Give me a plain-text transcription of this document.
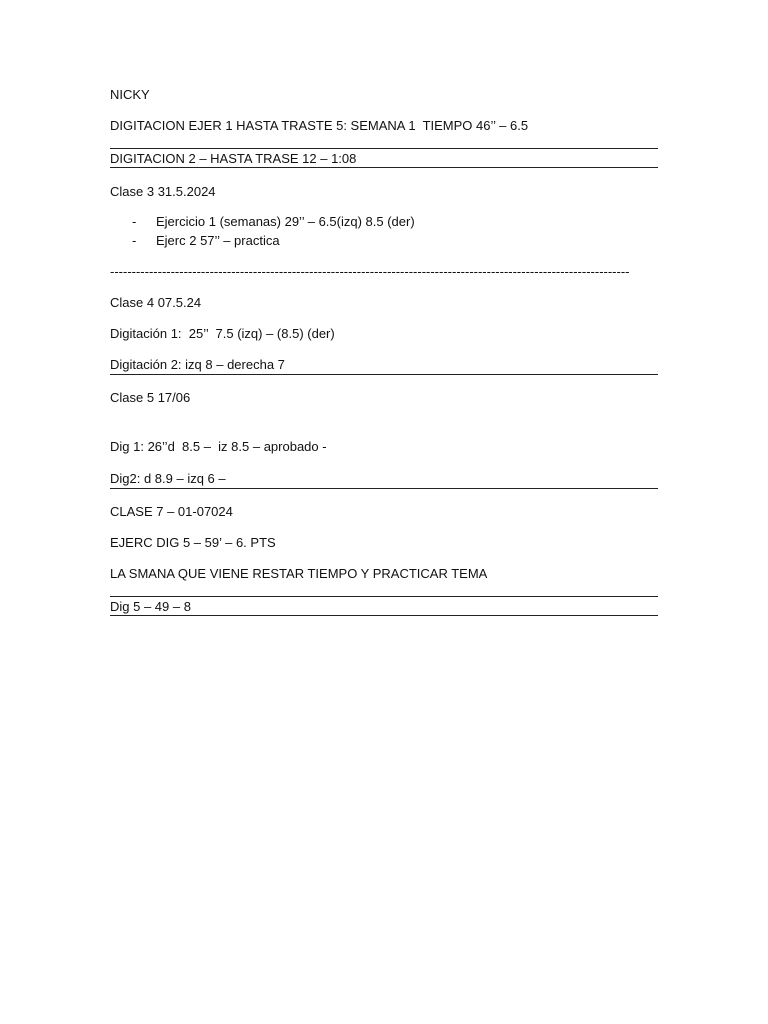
NICKY
DIGITACION EJER 1 HASTA TRASTE 5: SEMANA 1  TIEMPO 46’’ – 6.5
DIGITACION 2 – HASTA TRASE 12 – 1:08
Clase 3 31.5.2024

-

Ejercicio 1 (semanas) 29’’ – 6.5(izq) 8.5 (der)

-

Ejerc 2 57’’ – practica

------------------------------------------------------------------------------------------------------------------------
Clase 4 07.5.24
Digitación 1:  25’’  7.5 (izq) – (8.5) (der)
Digitación 2: izq 8 – derecha 7
Clase 5 17/06
Dig 1: 26’’d  8.5 –  iz 8.5 – aprobado -
Dig2: d 8.9 – izq 6 –
CLASE 7 – 01-07024
EJERC DIG 5 – 59’ – 6. PTS
LA SMANA QUE VIENE RESTAR TIEMPO Y PRACTICAR TEMA
Dig 5 – 49 – 8
